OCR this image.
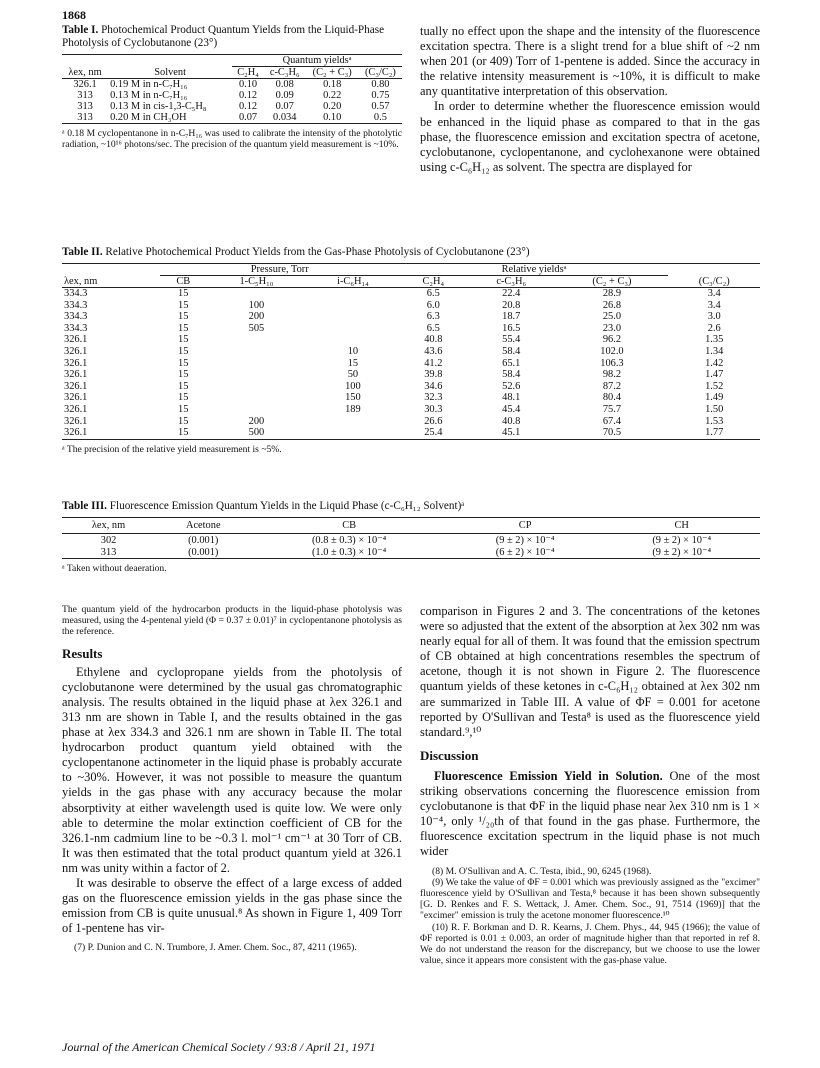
1868
Table I. Photochemical Product Quantum Yields from the Liquid-Phase Photolysis of Cyclobutanone (23°)
		Quantum yieldsᵃ			
λex, nm	Solvent	C₂H₄	c-C₃H₆	(C₂ + C₃)	(C₃/C₂)
326.1	0.19 M in n-C₇H₁₆	0.10	0.08	0.18	0.80
313	0.13 M in n-C₇H₁₆	0.12	0.09	0.22	0.75
313	0.13 M in cis-1,3-C₅H₈	0.12	0.07	0.20	0.57
313	0.20 M in CH₃OH	0.07	0.034	0.10	0.5
ᵃ 0.18 M cyclopentanone in n-C₇H₁₆ was used to calibrate the intensity of the photolytic radiation, ~10¹⁶ photons/sec. The precision of the quantum yield measurement is ~10%.

tually no effect upon the shape and the intensity of the fluorescence excitation spectra. There is a slight trend for a blue shift of ~2 nm when 201 (or 409) Torr of 1-pentene is added. Since the accuracy in the relative intensity measurement is ~10%, it is difficult to make any quantitative interpretation of this observation.

In order to determine whether the fluorescence emission would be enhanced in the liquid phase as compared to that in the gas phase, the fluorescence emission and excitation spectra of acetone, cyclobutanone, cyclopentanone, and cyclohexanone were obtained using c-C₆H₁₂ as solvent. The spectra are displayed for

Table II. Relative Photochemical Product Yields from the Gas-Phase Photolysis of Cyclobutanone (23°)
	Pressure, Torr			Relative yieldsᵃ			
λex, nm	CB	1-C₅H₁₀	i-C₆H₁₄	C₂H₄	c-C₃H₆	(C₂ + C₃)	(C₃/C₂)
334.3	15			6.5	22.4	28.9	3.4
334.3	15	100		6.0	20.8	26.8	3.4
334.3	15	200		6.3	18.7	25.0	3.0
334.3	15	505		6.5	16.5	23.0	2.6
326.1	15			40.8	55.4	96.2	1.35
326.1	15		10	43.6	58.4	102.0	1.34
326.1	15		15	41.2	65.1	106.3	1.42
326.1	15		50	39.8	58.4	98.2	1.47
326.1	15		100	34.6	52.6	87.2	1.52
326.1	15		150	32.3	48.1	80.4	1.49
326.1	15		189	30.3	45.4	75.7	1.50
326.1	15	200		26.6	40.8	67.4	1.53
326.1	15	500		25.4	45.1	70.5	1.77
ᵃ The precision of the relative yield measurement is ~5%.
Table III. Fluorescence Emission Quantum Yields in the Liquid Phase (c-C₆H₁₂ Solvent)ᵃ
λex, nm	Acetone	CB	CP	CH
302	(0.001)	(0.8 ± 0.3) × 10⁻⁴	(9 ± 2) × 10⁻⁴	(9 ± 2) × 10⁻⁴
313	(0.001)	(1.0 ± 0.3) × 10⁻⁴	(6 ± 2) × 10⁻⁴	(9 ± 2) × 10⁻⁴
ᵃ Taken without deaeration.
The quantum yield of the hydrocarbon products in the liquid-phase photolysis was measured, using the 4-pentenal yield (Φ = 0.37 ± 0.01)⁷ in cyclopentanone photolysis as the reference.
Results

Ethylene and cyclopropane yields from the photolysis of cyclobutanone were determined by the usual gas chromatographic analysis. The results obtained in the liquid phase at λex 326.1 and 313 nm are shown in Table I, and the results obtained in the gas phase at λex 334.3 and 326.1 nm are shown in Table II. The total hydrocarbon product quantum yield obtained with the cyclopentanone actinometer in the liquid phase is probably accurate to ~30%. However, it was not possible to measure the quantum yields in the gas phase with any accuracy because the molar absorptivity at either wavelength used is quite low. We were only able to determine the molar extinction coefficient of CB for the 326.1-nm cadmium line to be ~0.3 l. mol⁻¹ cm⁻¹ at 30 Torr of CB. It was then estimated that the total product quantum yield at 326.1 nm was unity within a factor of 2.

It was desirable to observe the effect of a large excess of added gas on the fluorescence emission yields in the gas phase since the emission from CB is quite unusual.⁸ As shown in Figure 1, 409 Torr of 1-pentene has vir-

(7) P. Dunion and C. N. Trumbore, J. Amer. Chem. Soc., 87, 4211 (1965).

comparison in Figures 2 and 3. The concentrations of the ketones were so adjusted that the extent of the absorption at λex 302 nm was nearly equal for all of them. It was found that the emission spectrum of CB obtained at high concentrations resembles the spectrum of acetone, though it is not shown in Figure 2. The fluorescence quantum yields of these ketones in c-C₆H₁₂ obtained at λex 302 nm are summarized in Table III. A value of ΦF = 0.001 for acetone reported by O'Sullivan and Testa⁸ is used as the fluorescence yield standard.⁹,¹⁰

Discussion

Fluorescence Emission Yield in Solution. One of the most striking observations concerning the fluorescence emission from cyclobutanone is that ΦF in the liquid phase near λex 310 nm is 1 × 10⁻⁴, only ¹/₂₀th of that found in the gas phase. Furthermore, the fluorescence excitation spectrum in the liquid phase is not much wider

(8) M. O'Sullivan and A. C. Testa, ibid., 90, 6245 (1968).

(9) We take the value of ΦF = 0.001 which was previously assigned as the "excimer" fluorescence yield by O'Sullivan and Testa,⁸ because it has been shown subsequently [G. D. Renkes and F. S. Wettack, J. Amer. Chem. Soc., 91, 7514 (1969)] that the "excimer" emission is truly the acetone monomer fluorescence.¹⁰

(10) R. F. Borkman and D. R. Kearns, J. Chem. Phys., 44, 945 (1966); the value of ΦF reported is 0.01 ± 0.003, an order of magnitude higher than that reported in ref 8. We do not understand the reason for the discrepancy, but we choose to use the lower value, since it appears more consistent with the gas-phase value.

Journal of the American Chemical Society / 93:8 / April 21, 1971
